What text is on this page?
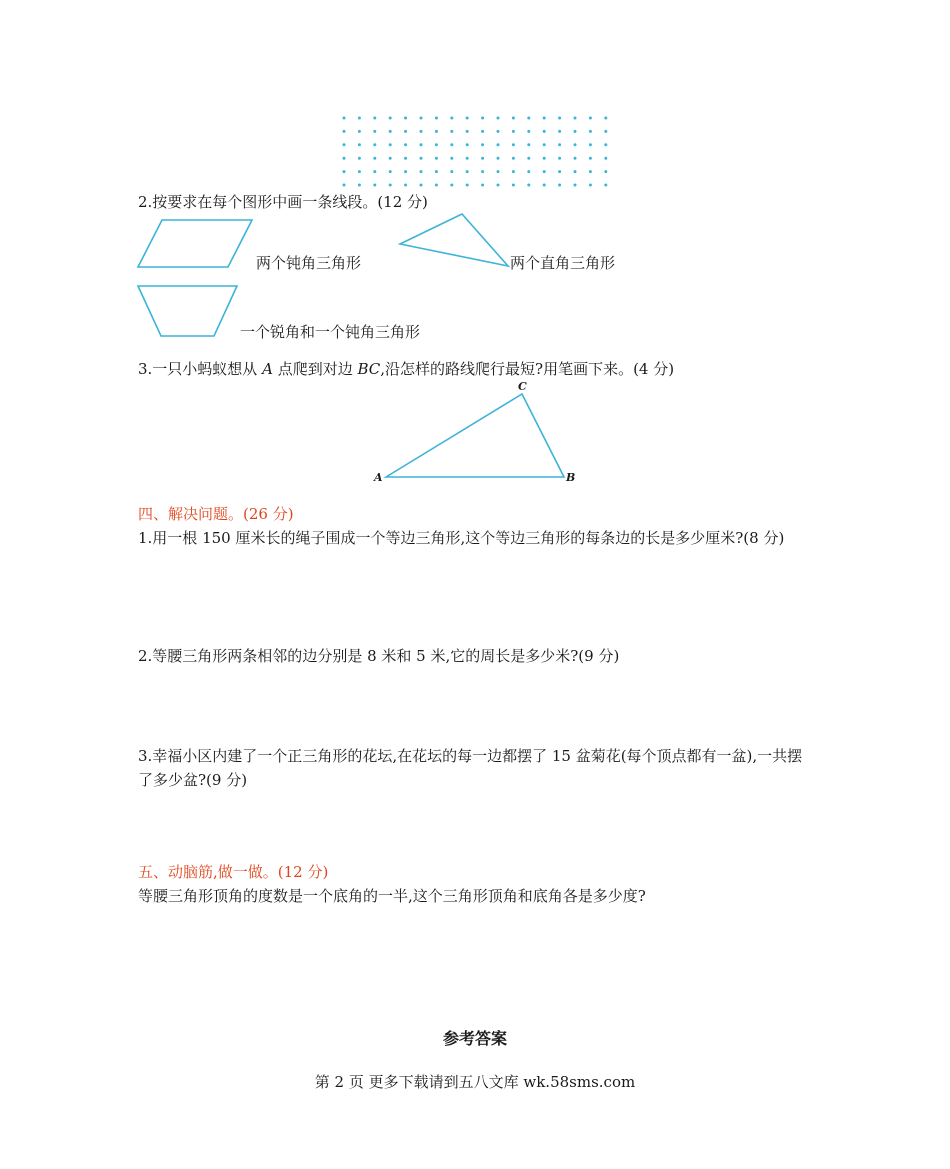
2.按要求在每个图形中画一条线段。(12 分)
A	B
C
两个钝角三角形	两个直角三角形
一个锐角和一个钝角三角形
3.一只小蚂蚁想从 A 点爬到对边 BC,沿怎样的路线爬行最短?用笔画下来。(4 分)
四、解决问题。(26 分)
1.用一根 150 厘米长的绳子围成一个等边三角形,这个等边三角形的每条边的长是多少厘米?(8 分)
2.等腰三角形两条相邻的边分别是 8 米和 5 米,它的周长是多少米?(9 分)
3.幸福小区内建了一个正三角形的花坛,在花坛的每一边都摆了 15 盆菊花(每个顶点都有一盆),一共摆了多少盆?(9 分)
五、动脑筋,做一做。(12 分)
等腰三角形顶角的度数是一个底角的一半,这个三角形顶角和底角各是多少度?
参考答案
第 2 页 更多下载请到五八文库 wk.58sms.com
